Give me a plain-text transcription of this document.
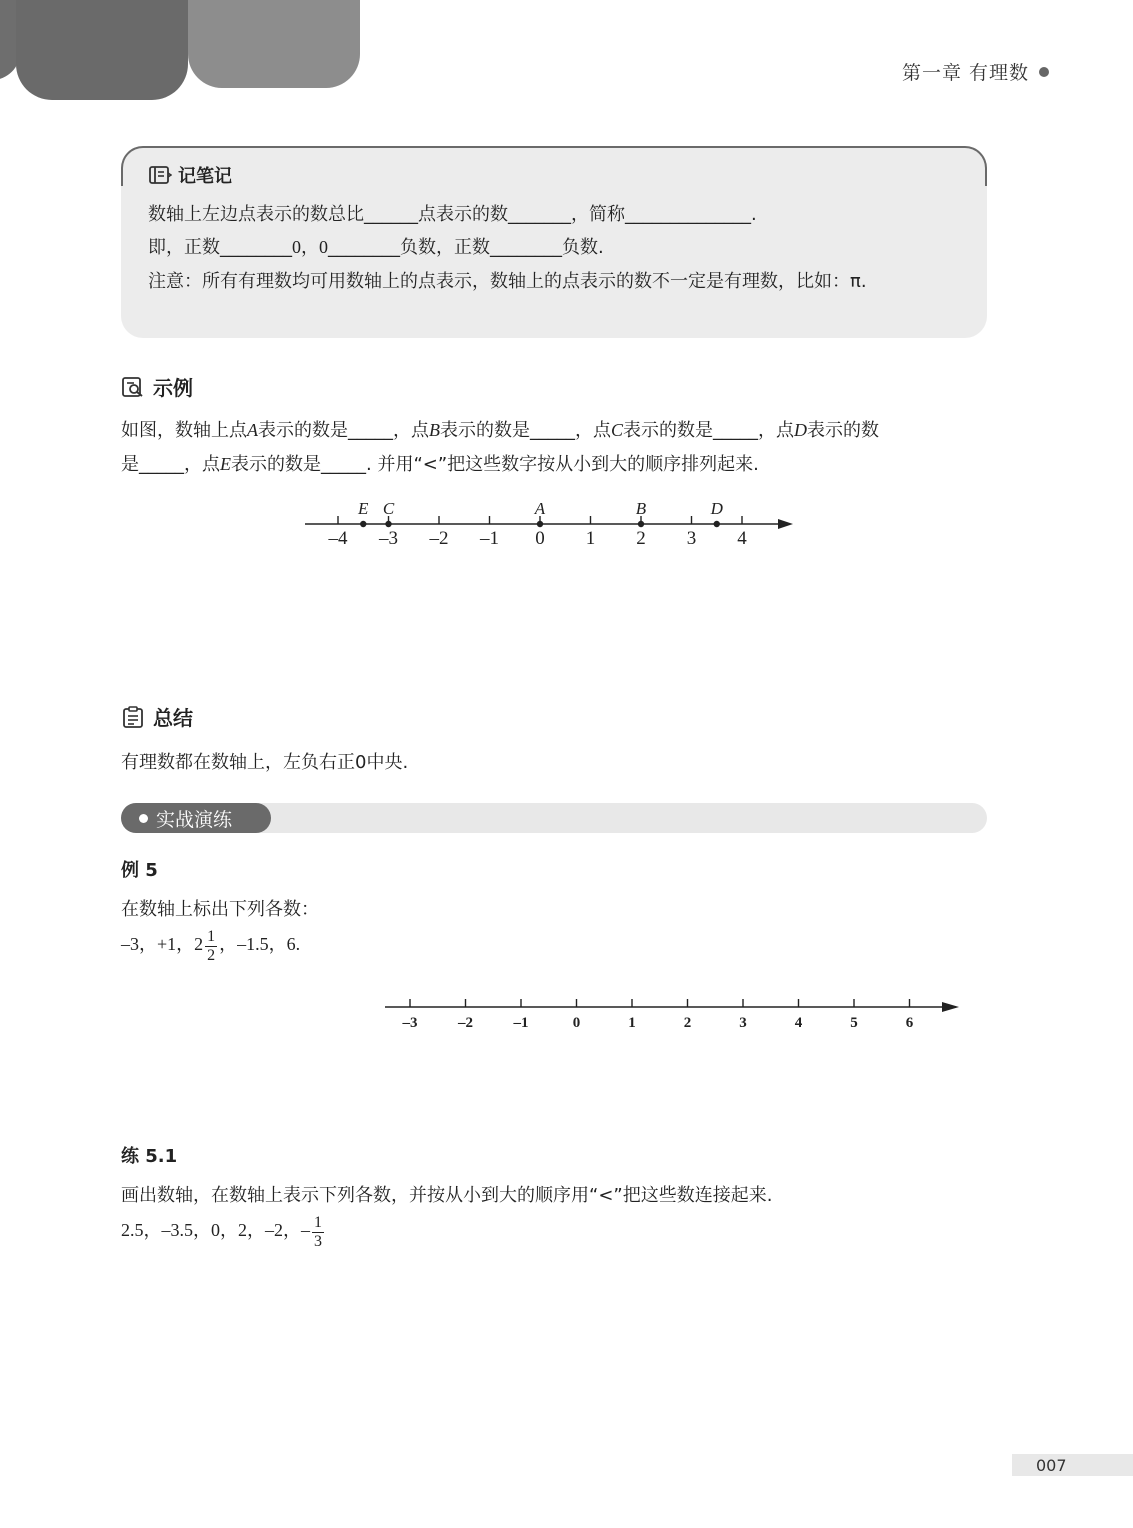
第一章 有理数
记笔记
数轴上左边点表示的数总比______点表示的数_______，简称______________.
即，正数________0，0________负数，正数________负数.
注意：所有有理数均可用数轴上的点表示，数轴上的点表示的数不一定是有理数，比如：π.
示例
如图，数轴上点A表示的数是_____，点B表示的数是_____，点C表示的数是_____，点D表示的数
是_____，点E表示的数是_____. 并用“<”把这些数字按从小到大的顺序排列起来.
–4 –3 –2 –1 0 1 2 3 4
E C	A	B	D
总结
有理数都在数轴上，左负右正0中央.
实战演练
例 5
在数轴上标出下列各数：
–3，+1，$2 \frac{1}{2}$ ，–1.5，6.
–3	–2	–1	0	1	2	3	4	5	6
练 5.1
画出数轴，在数轴上表示下列各数，并按从小到大的顺序用“<”把这些数连接起来.
2.5，–3.5，0，2，–2，– $\frac{1}{3}$
007
